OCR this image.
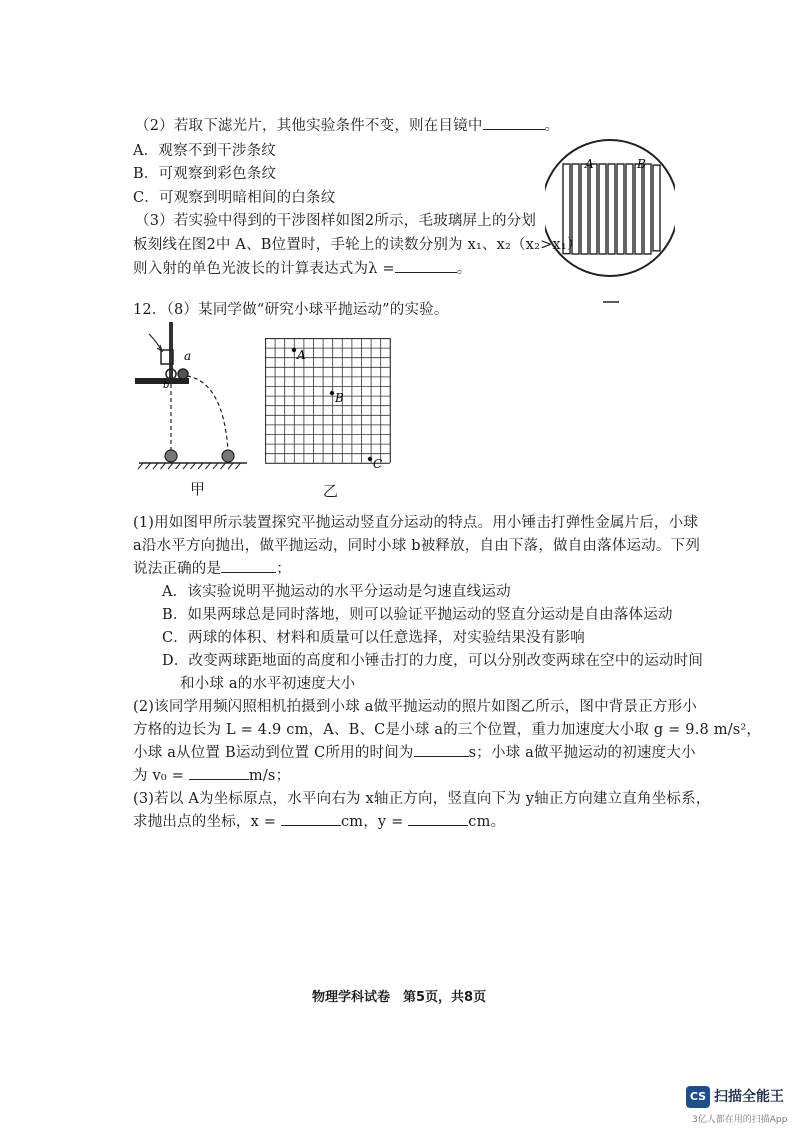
（2）若取下滤光片，其他实验条件不变，则在目镜中	。
A．观察不到干涉条纹
B．可观察到彩色条纹
C．可观察到明暗相间的白条纹
（3）若实验中得到的干涉图样如图2所示，毛玻璃屏上的分划
板刻线在图2中 A、B位置时，手轮上的读数分别为 x₁、x₂（x₂>x₁）
则入射的单色光波长的计算表达式为λ =	。
12．（8）某同学做“研究小球平抛运动”的实验。
(1)用如图甲所示装置探究平抛运动竖直分运动的特点。用小锤击打弹性金属片后，小球
a沿水平方向抛出，做平抛运动，同时小球 b被释放，自由下落，做自由落体运动。下列
说法正确的是	；
A．该实验说明平抛运动的水平分运动是匀速直线运动
B．如果两球总是同时落地，则可以验证平抛运动的竖直分运动是自由落体运动
C．两球的体积、材料和质量可以任意选择，对实验结果没有影响
D．改变两球距地面的高度和小锤击打的力度，可以分别改变两球在空中的运动时间
和小球 a的水平初速度大小
(2)该同学用频闪照相机拍摄到小球 a做平抛运动的照片如图乙所示，图中背景正方形小
方格的边长为 L = 4.9 cm，A、B、C是小球 a的三个位置，重力加速度大小取 g = 9.8 m/s²，
小球 a从位置 B运动到位置 C所用的时间为	s；小球 a做平抛运动的初速度大小
为 v₀ =	m/s；
(3)若以 A为坐标原点，水平向右为 x轴正方向，竖直向下为 y轴正方向建立直角坐标系，
求抛出点的坐标，x =	cm，y =	cm。
A	B
a
b
甲
A
B
C
乙
物理学科试卷　第5页，共8页
CS 扫描全能王
3亿人都在用的扫描App
